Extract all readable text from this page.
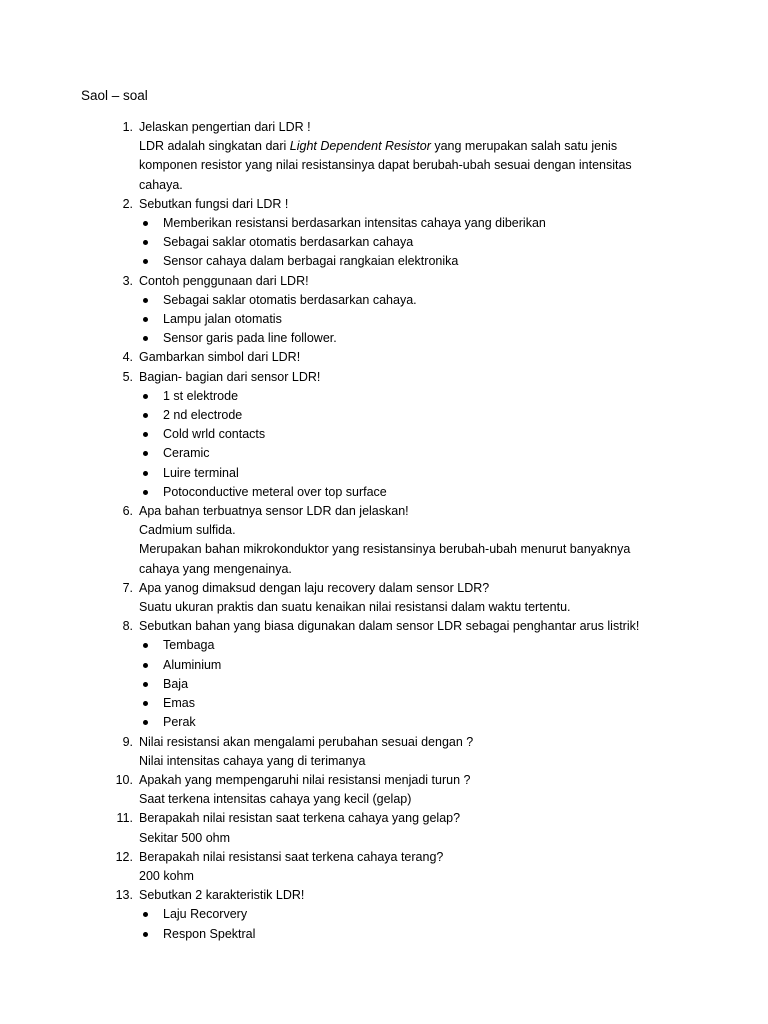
Saol – soal
1. Jelaskan pengertian dari LDR !
LDR adalah singkatan dari Light Dependent Resistor yang merupakan salah satu jenis komponen resistor yang nilai resistansinya dapat berubah-ubah sesuai dengan intensitas cahaya.
2. Sebutkan fungsi dari LDR !
Memberikan resistansi berdasarkan intensitas cahaya yang diberikan
Sebagai saklar otomatis berdasarkan cahaya
Sensor cahaya dalam berbagai rangkaian elektronika
3. Contoh penggunaan dari LDR!
Sebagai saklar otomatis berdasarkan cahaya.
Lampu jalan otomatis
Sensor garis pada line follower.
4. Gambarkan simbol dari LDR!
5. Bagian- bagian dari sensor LDR!
1 st elektrode
2 nd electrode
Cold wrld contacts
Ceramic
Luire terminal
Potoconductive meteral over top surface
6. Apa bahan terbuatnya sensor LDR dan jelaskan!
Cadmium sulfida.
Merupakan bahan mikrokonduktor yang resistansinya berubah-ubah menurut banyaknya cahaya yang mengenainya.
7. Apa yanog dimaksud dengan laju recovery dalam sensor LDR?
Suatu ukuran praktis dan suatu kenaikan nilai resistansi dalam waktu tertentu.
8. Sebutkan bahan yang biasa digunakan dalam sensor LDR sebagai penghantar arus listrik!
Tembaga
Aluminium
Baja
Emas
Perak
9. Nilai resistansi akan mengalami perubahan sesuai dengan ?
Nilai intensitas cahaya yang di terimanya
10. Apakah yang mempengaruhi nilai resistansi menjadi turun ?
Saat terkena intensitas cahaya yang kecil (gelap)
11. Berapakah nilai resistan saat terkena cahaya yang gelap?
Sekitar 500 ohm
12. Berapakah nilai resistansi saat terkena cahaya terang?
200 kohm
13. Sebutkan 2 karakteristik LDR!
Laju Recorvery
Respon Spektral
